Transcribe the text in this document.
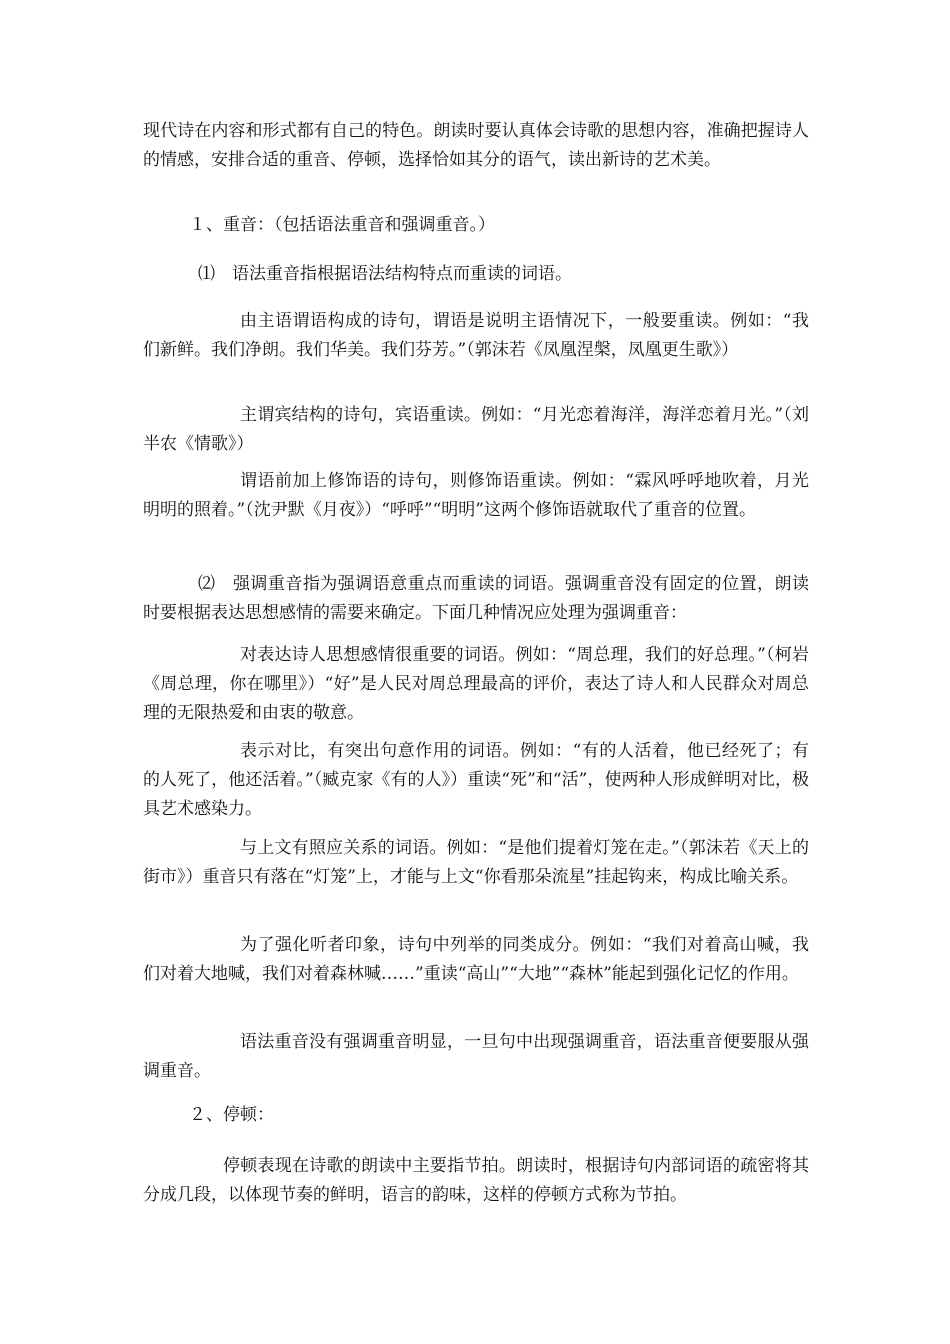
现代诗在内容和形式都有自己的特色。朗读时要认真体会诗歌的思想内容，准确把握诗人的情感，安排合适的重音、停顿，选择恰如其分的语气，读出新诗的艺术美。

１、重音：（包括语法重音和强调重音。）

⑴　语法重音指根据语法结构特点而重读的词语。

由主语谓语构成的诗句，谓语是说明主语情况下，一般要重读。例如：“我们新鲜。我们净朗。我们华美。我们芬芳。”（郭沫若《凤凰涅槃，凤凰更生歌》）

主谓宾结构的诗句，宾语重读。例如：“月光恋着海洋，海洋恋着月光。”（刘半农《情歌》）

谓语前加上修饰语的诗句，则修饰语重读。例如：“霖风呼呼地吹着，月光明明的照着。”（沈尹默《月夜》）“呼呼”“明明”这两个修饰语就取代了重音的位置。

⑵　强调重音指为强调语意重点而重读的词语。强调重音没有固定的位置，朗读时要根据表达思想感情的需要来确定。下面几种情况应处理为强调重音：

对表达诗人思想感情很重要的词语。例如：“周总理，我们的好总理。”（柯岩《周总理，你在哪里》）“好”是人民对周总理最高的评价，表达了诗人和人民群众对周总理的无限热爱和由衷的敬意。

表示对比，有突出句意作用的词语。例如：“有的人活着，他已经死了；有的人死了，他还活着。”（臧克家《有的人》）重读“死”和“活”，使两种人形成鲜明对比，极具艺术感染力。

与上文有照应关系的词语。例如：“是他们提着灯笼在走。”（郭沫若《天上的街市》）重音只有落在“灯笼”上，才能与上文“你看那朵流星”挂起钩来，构成比喻关系。

为了强化听者印象，诗句中列举的同类成分。例如：“我们对着高山喊，我们对着大地喊，我们对着森林喊……”重读“高山”“大地”“森林”能起到强化记忆的作用。

语法重音没有强调重音明显，一旦句中出现强调重音，语法重音便要服从强调重音。

２、停顿：

停顿表现在诗歌的朗读中主要指节拍。朗读时，根据诗句内部词语的疏密将其分成几段，以体现节奏的鲜明，语言的韵味，这样的停顿方式称为节拍。
